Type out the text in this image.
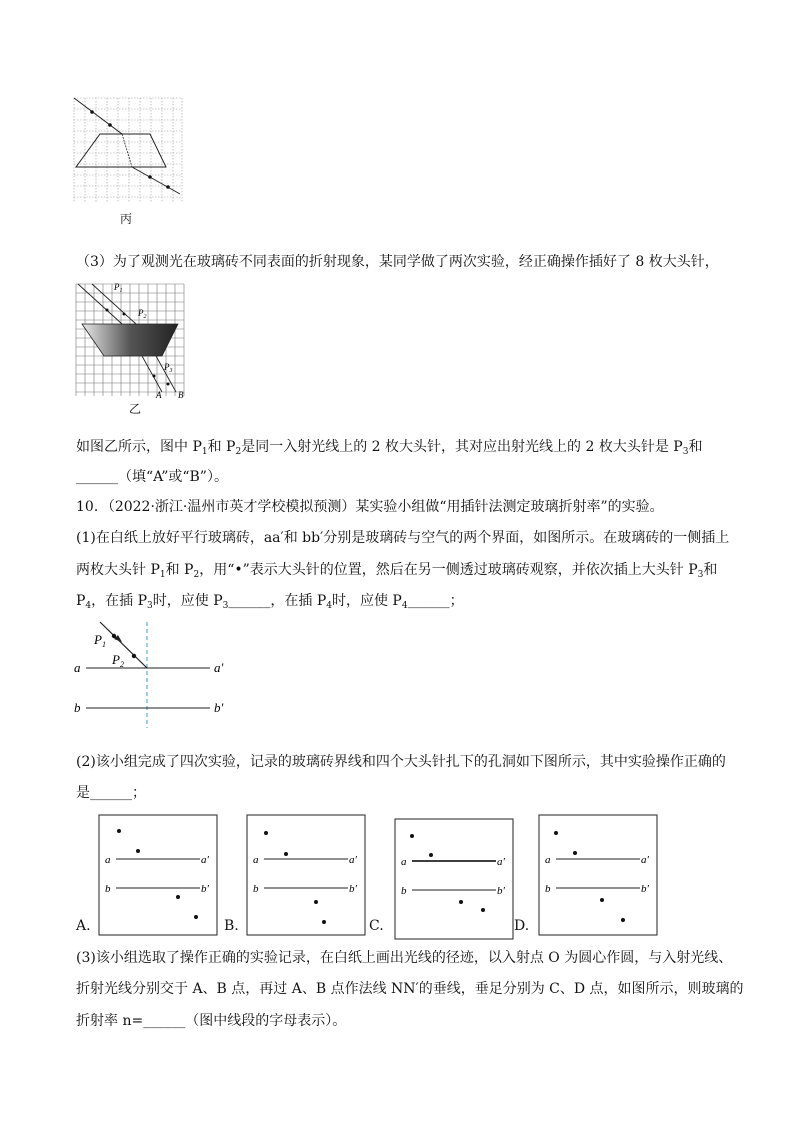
丙
（3）为了观测光在玻璃砖不同表面的折射现象，某同学做了两次实验，经正确操作插好了 8 枚大头针，
$P_1$
$P_2$
$P_3$
A B
乙
如图乙所示，图中 $P_1$和 $P_2$是同一入射光线上的 2 枚大头针，其对应出射光线上的 2 枚大头针是 $P_3$和
______（填“A”或“B”）。
10．（2022·浙江·温州市英才学校模拟预测）某实验小组做“用插针法测定玻璃折射率”的实验。
(1)在白纸上放好平行玻璃砖，aa′和 bb′分别是玻璃砖与空气的两个界面，如图所示。在玻璃砖的一侧插上
两枚大头针 $P_1$和 $P_2$，用“•”表示大头针的位置，然后在另一侧透过玻璃砖观察，并依次插上大头针 $P_3$和
$P_4$，在插 $P_3$时，应使 $P_3\_\_\_\_\_\_$，在插 $P_4$时，应使 $P_4\_\_\_\_\_\_$；
$P_1$
$P_2$
a	a′
b	b′
(2)该小组完成了四次实验，记录的玻璃砖界线和四个大头针扎下的孔洞如下图所示，其中实验操作正确的
是______；
A.
a	a′
b	b′
B.
a	a′
b	b′
C.
a	a′
b	b′
D.
a	a′
b	b′
(3)该小组选取了操作正确的实验记录，在白纸上画出光线的径迹，以入射点 O 为圆心作圆，与入射光线、
折射光线分别交于 A、B 点，再过 A、B 点作法线 NN′的垂线，垂足分别为 C、D 点，如图所示，则玻璃的
折射率 n=______（图中线段的字母表示）。
